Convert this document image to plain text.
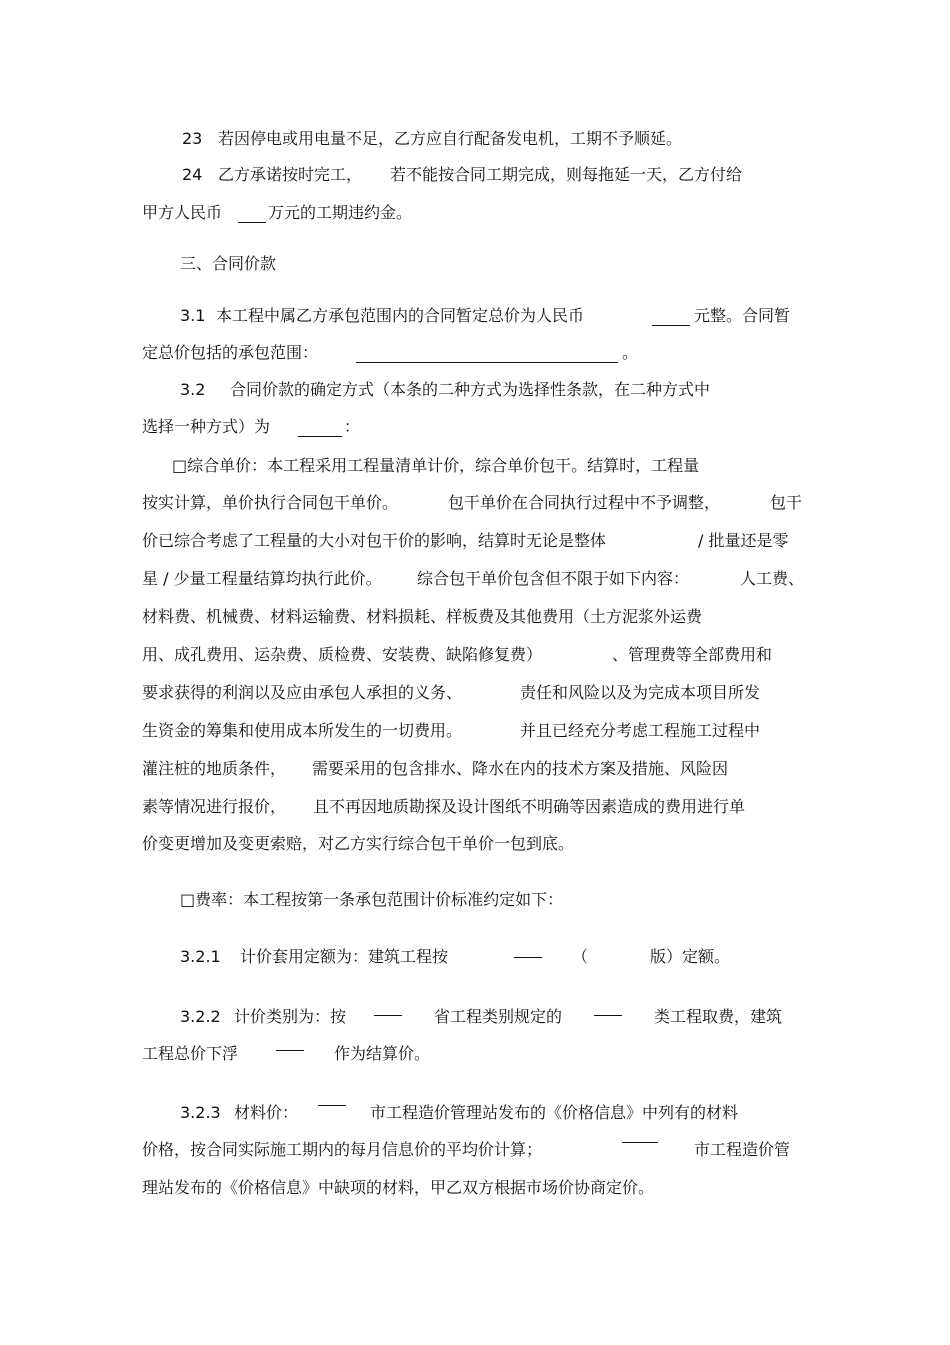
23 若因停电或用电量不足，乙方应自行配备发电机，工期不予顺延。
24 乙方承诺按时完工， 若不能按合同工期完成，则每拖延一天，乙方付给
甲方人民币	万元的工期违约金。
三、合同价款
3.1 本工程中属乙方承包范围内的合同暂定总价为人民币	元整。合同暂
定总价包括的承包范围：	。
3.2 合同价款的确定方式（本条的二种方式为选择性条款，在二种方式中
选择一种方式）为	：
□综合单价：本工程采用工程量清单计价，综合单价包干。结算时，工程量
按实计算，单价执行合同包干单价。	包干单价在合同执行过程中不予调整，	包干
价已综合考虑了工程量的大小对包干价的影响，结算时无论是整体	/ 批量还是零
星 / 少量工程量结算均执行此价。 综合包干单价包含但不限于如下内容：	人工费、
材料费、机械费、材料运输费、材料损耗、样板费及其他费用（土方泥浆外运费
用、成孔费用、运杂费、质检费、安装费、缺陷修复费）	、管理费等全部费用和
要求获得的利润以及应由承包人承担的义务、	责任和风险以及为完成本项目所发
生资金的筹集和使用成本所发生的一切费用。	并且已经充分考虑工程施工过程中
灌注桩的地质条件， 需要采用的包含排水、降水在内的技术方案及措施、风险因
素等情况进行报价， 且不再因地质勘探及设计图纸不明确等因素造成的费用进行单
价变更增加及变更索赔，对乙方实行综合包干单价一包到底。
□费率：本工程按第一条承包范围计价标准约定如下：
3.2.1 计价套用定额为：建筑工程按	（	版）定额。
3.2.2 计价类别为：按	省工程类别规定的	类工程取费，建筑
工程总价下浮	作为结算价。
3.2.3 材料价：	市工程造价管理站发布的《价格信息》中列有的材料
价格，按合同实际施工期内的每月信息价的平均价计算；	市工程造价管
理站发布的《价格信息》中缺项的材料，甲乙双方根据市场价协商定价。
